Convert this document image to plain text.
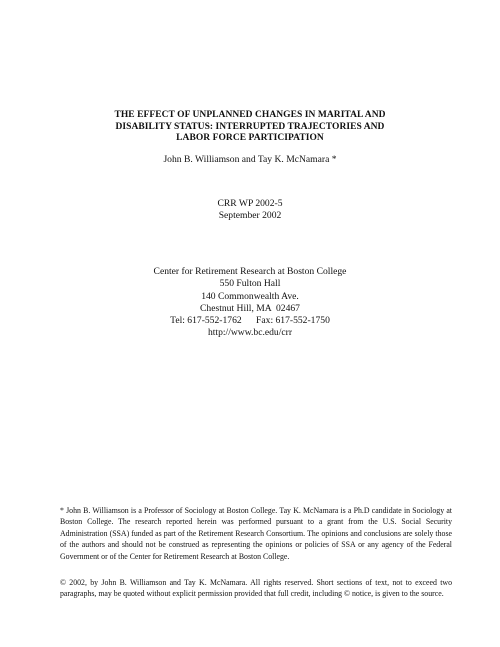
THE EFFECT OF UNPLANNED CHANGES IN MARITAL AND
DISABILITY STATUS: INTERRUPTED TRAJECTORIES AND
LABOR FORCE PARTICIPATION
John B. Williamson and Tay K. McNamara *
CRR WP 2002-5
September 2002
Center for Retirement Research at Boston College
550 Fulton Hall
140 Commonwealth Ave.
Chestnut Hill, MA  02467
Tel: 617-552-1762      Fax: 617-552-1750
http://www.bc.edu/crr
* John B. Williamson is a Professor of Sociology at Boston College. Tay K. McNamara is a Ph.D candidate in Sociology at Boston College. The research reported herein was performed pursuant to a grant from the U.S. Social Security Administration (SSA) funded as part of the Retirement Research Consortium. The opinions and conclusions are solely those of the authors and should not be construed as representing the opinions or policies of SSA or any agency of the Federal Government or of the Center for Retirement Research at Boston College.
© 2002, by John B. Williamson and Tay K. McNamara. All rights reserved. Short sections of text, not to exceed two paragraphs, may be quoted without explicit permission provided that full credit, including © notice, is given to the source.
